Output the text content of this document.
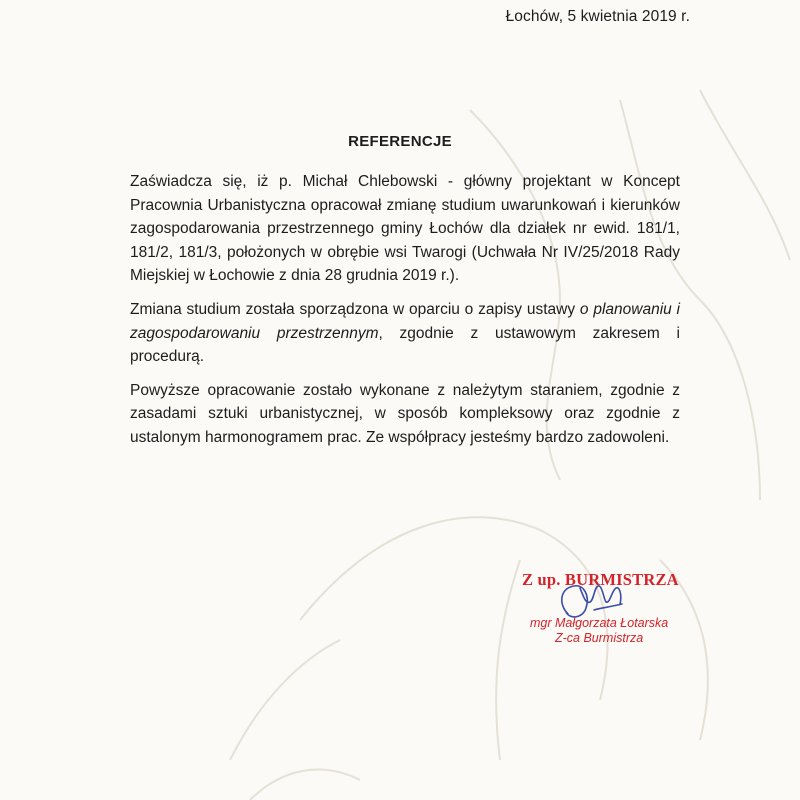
Łochów, 5 kwietnia 2019 r.
REFERENCJE

Zaświadcza się, iż p. Michał Chlebowski - główny projektant w Koncept Pracownia Urbanistyczna opracował zmianę studium uwarunkowań i kierunków zagospodarowania przestrzennego gminy Łochów dla działek nr ewid. 181/1, 181/2, 181/3, położonych w obrębie wsi Twarogi (Uchwała Nr IV/25/2018 Rady Miejskiej w Łochowie z dnia 28 grudnia 2019 r.).

Zmiana studium została sporządzona w oparciu o zapisy ustawy o planowaniu i zagospodarowaniu przestrzennym, zgodnie z ustawowym zakresem i procedurą.

Powyższe opracowanie zostało wykonane z należytym staraniem, zgodnie z zasadami sztuki urbanistycznej, w sposób kompleksowy oraz zgodnie z ustalonym harmonogramem prac. Ze współpracy jesteśmy bardzo zadowoleni.

Z up. BURMISTRZA
mgr Małgorzata Łotarska
Z-ca Burmistrza
